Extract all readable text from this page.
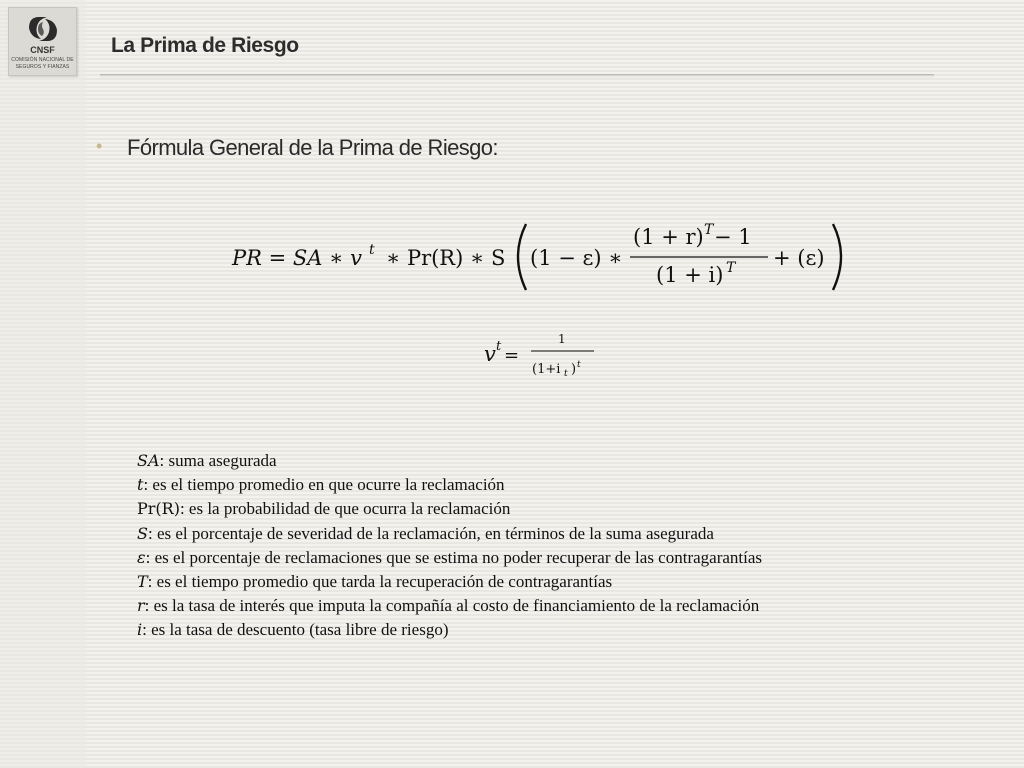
CNSF
COMISIÓN NACIONAL DE
SEGUROS Y FIANZAS
La Prima de Riesgo
• Fórmula General de la Prima de Riesgo:
PR = SA ∗ v t ∗ Pr(R) ∗ S (1 − ε) ∗
(1 + r) T − 1
(1 + i) T + (ε)
v t =
1
(1+i t ) t
SA: suma asegurada
t: es el tiempo promedio en que ocurre la reclamación
Pr(R): es la probabilidad de que ocurra la reclamación
S: es el porcentaje de severidad de la reclamación, en términos de la suma asegurada
ε: es el porcentaje de reclamaciones que se estima no poder recuperar de las contragarantías
T: es el tiempo promedio que tarda la recuperación de contragarantías
r: es la tasa de interés que imputa la compañía al costo de financiamiento de la reclamación
i: es la tasa de descuento (tasa libre de riesgo)
